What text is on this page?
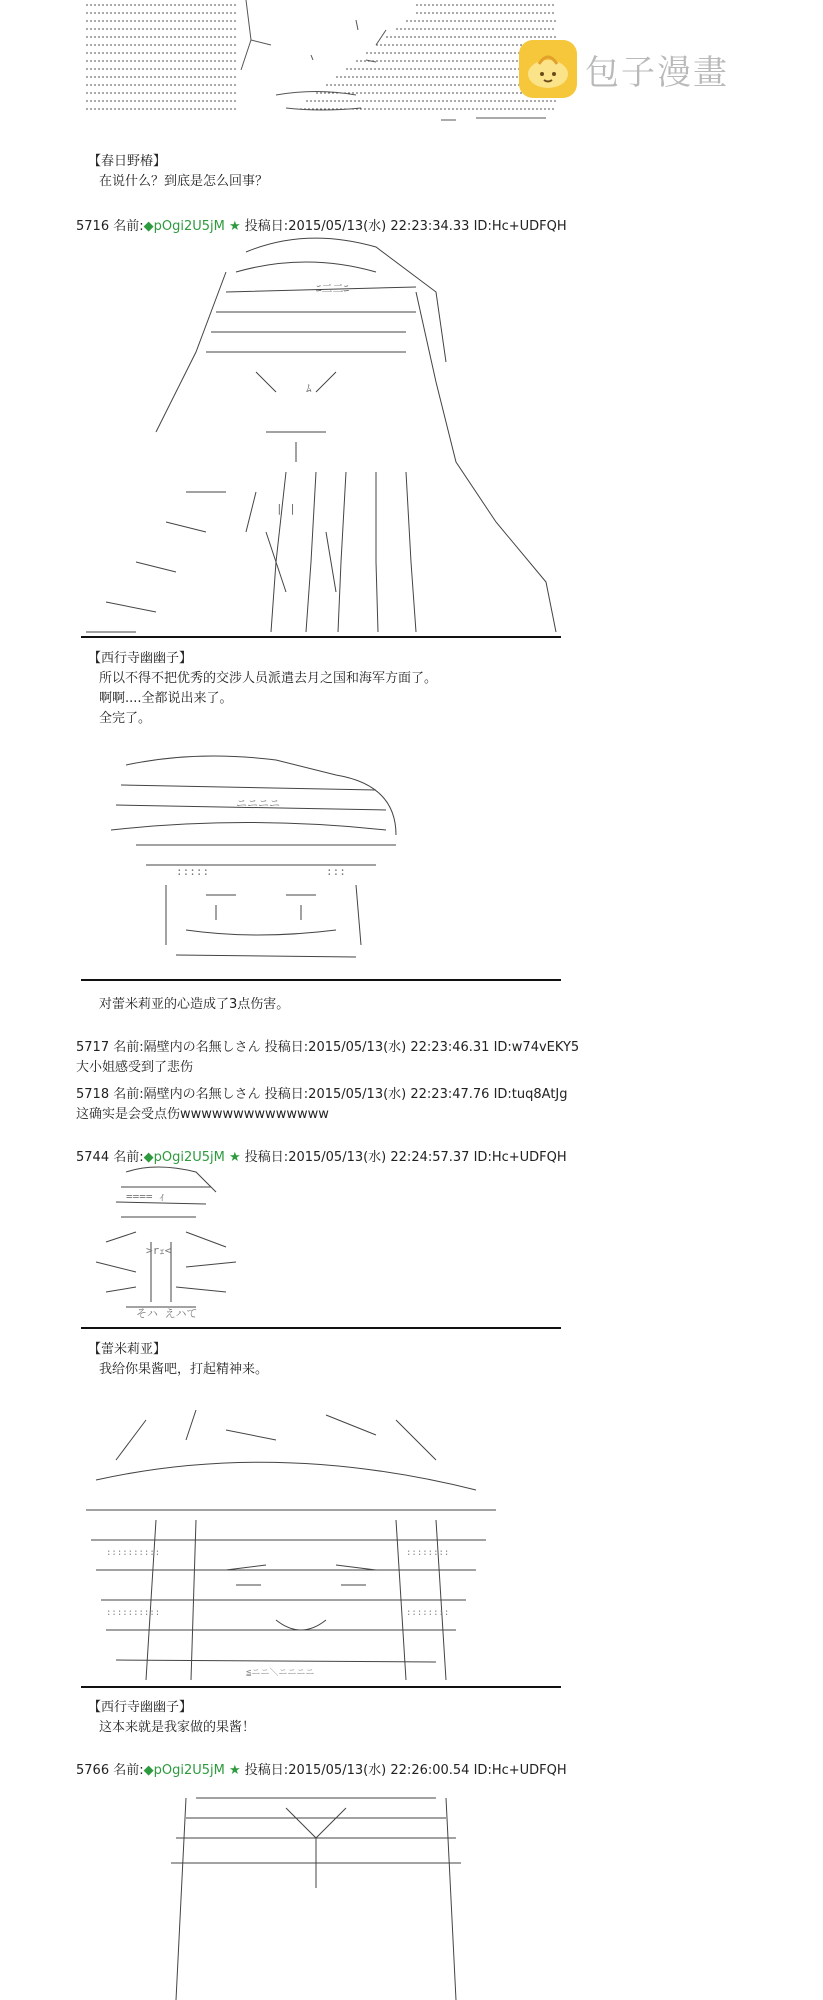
包子漫畫
【春日野椿】
在说什么？到底是怎么回事？
5716 名前:◆pOgi2U5jM ★ 投稿日:2015/05/13(水) 22:23:34.33 ID:Hc+UDFQH
ﾆ二二ﾆ
ﾑ
| |
【西行寺幽幽子】
所以不得不把优秀的交涉人员派遣去月之国和海军方面了。
啊啊....全都说出来了。
全完了。
ニニニニ
:::::	:::
对蕾米莉亚的心造成了3点伤害。
5717 名前:隔壁内の名無しさん 投稿日:2015/05/13(水) 22:23:46.31 ID:w74vEKY5
大小姐感受到了悲伤
5718 名前:隔壁内の名無しさん 投稿日:2015/05/13(水) 22:23:47.76 ID:tuq8AtJg
这确实是会受点伤wwwwwwwwwwwwww
5744 名前:◆pOgi2U5jM ★ 投稿日:2015/05/13(水) 22:24:57.37 ID:Hc+UDFQH
==== ｨ
>rｪ<
そハ えハて
【蕾米莉亚】
我给你果酱吧，打起精神来。
::::::::::	::::::::
::::::::::	::::::::
≦ニニ＼ニニニニ
【西行寺幽幽子】
这本来就是我家做的果酱！
5766 名前:◆pOgi2U5jM ★ 投稿日:2015/05/13(水) 22:26:00.54 ID:Hc+UDFQH
